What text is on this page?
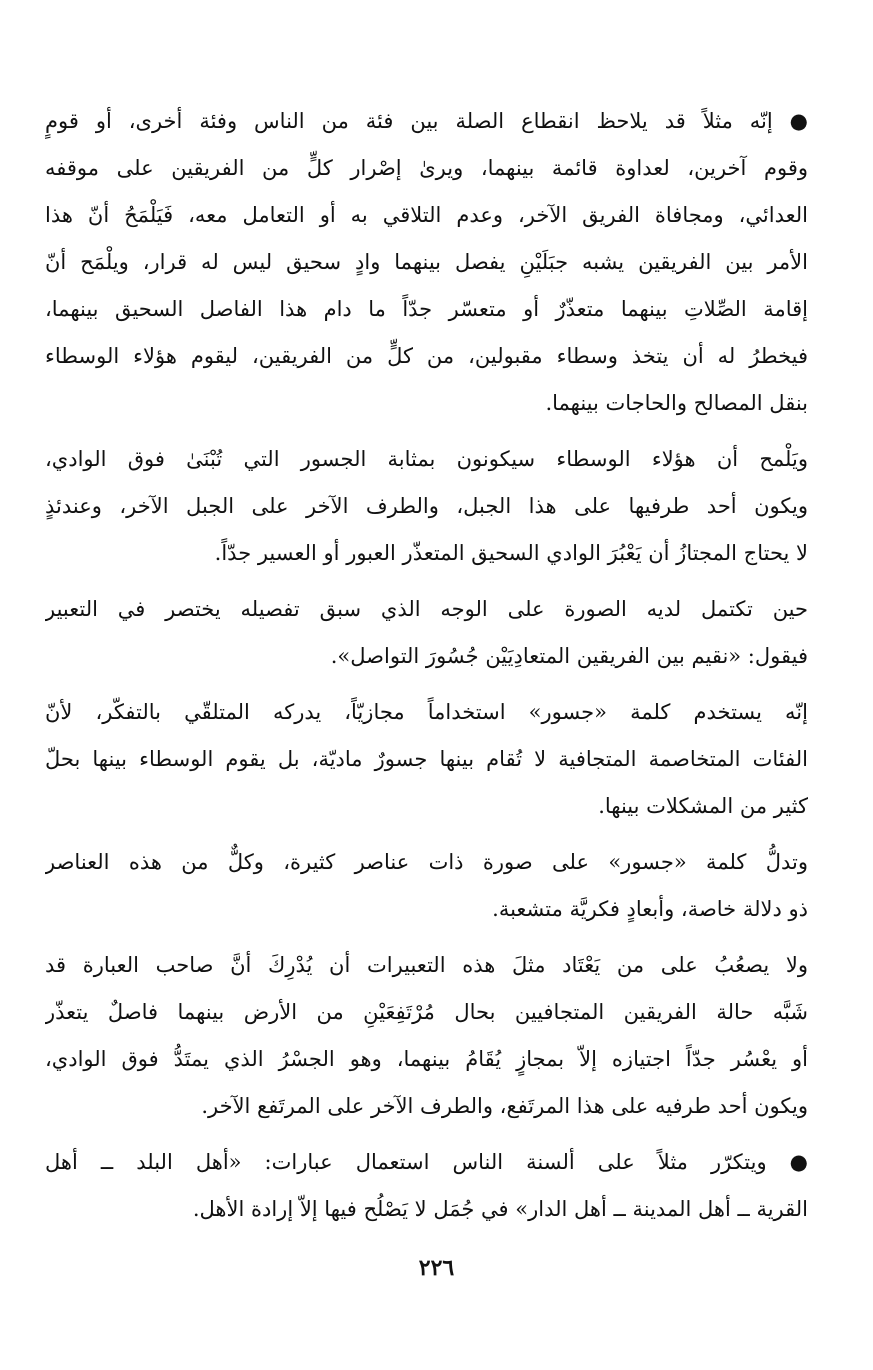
● إنّه مثلاً قد يلاحظ انقطاع الصلة بين فئة من الناس وفئة أخرى، أو قومٍ
وقوم آخرين، لعداوة قائمة بينهما، ويرىٰ إصْرار كلٍّ من الفريقين على موقفه
العدائي، ومجافاة الفريق الآخر، وعدم التلاقي به أو التعامل معه، فَيَلْمَحُ أنّ هذا
الأمر بين الفريقين يشبه جبَلَيْنِ يفصل بينهما وادٍ سحيق ليس له قرار، ويلْمَح أنّ
إقامة الصِّلاتِ بينهما متعذّرٌ أو متعسّر جدّاً ما دام هذا الفاصل السحيق بينهما،
فيخطرُ له أن يتخذ وسطاء مقبولين، من كلٍّ من الفريقين، ليقوم هؤلاء الوسطاء
بنقل المصالح والحاجات بينهما.
ويَلْمح أن هؤلاء الوسطاء سيكونون بمثابة الجسور التي تُبْنَىٰ فوق الوادي،
ويكون أحد طرفيها على هذا الجبل، والطرف الآخر على الجبل الآخر، وعندئذٍ
لا يحتاج المجتازُ أن يَعْبُرَ الوادي السحيق المتعذّر العبور أو العسير جدّاً.
حين تكتمل لديه الصورة على الوجه الذي سبق تفصيله يختصر في التعبير
فيقول: «نقيم بين الفريقين المتعادِيَيْن جُسُورَ التواصل».
إنّه يستخدم كلمة «جسور» استخداماً مجازيّاً، يدركه المتلقّي بالتفكّر، لأنّ
الفئات المتخاصمة المتجافية لا تُقام بينها جسورٌ ماديّة، بل يقوم الوسطاء بينها بحلّ
كثير من المشكلات بينها.
وتدلُّ كلمة «جسور» على صورة ذات عناصر كثيرة، وكلٌّ من هذه العناصر
ذو دلالة خاصة، وأبعادٍ فكريَّة متشعبة.
ولا يصعُبُ على من يَعْتَاد مثلَ هذه التعبيرات أن يُدْرِكَ أنَّ صاحب العبارة قد
شَبَّه حالة الفريقين المتجافيين بحال مُرْتَفِعَيْنِ من الأرض بينهما فاصلٌ يتعذّر
أو يعْسُر جدّاً اجتيازه إلاّ بمجازٍ يُقَامُ بينهما، وهو الجسْرُ الذي يمتَدُّ فوق الوادي،
ويكون أحد طرفيه على هذا المرتَفع، والطرف الآخر على المرتَفع الآخر.
● ويتكرّر مثلاً على ألسنة الناس استعمال عبارات: «أهل البلد ــ أهل
القرية ــ أهل المدينة ــ أهل الدار» في جُمَل لا يَصْلُح فيها إلاّ إرادة الأهل.
٢٢٦
